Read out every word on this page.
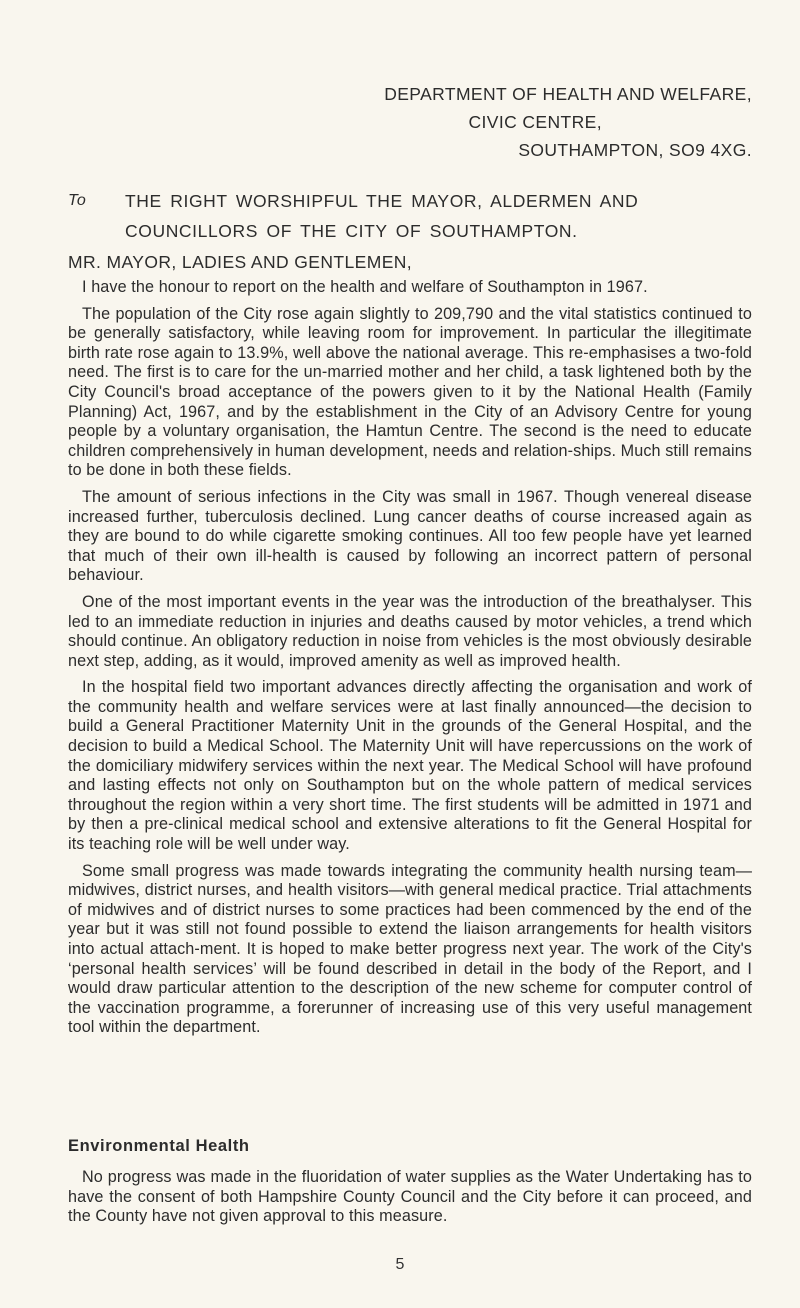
DEPARTMENT OF HEALTH AND WELFARE,
CIVIC CENTRE,
SOUTHAMPTON, SO9 4XG.
To	THE RIGHT WORSHIPFUL THE MAYOR, ALDERMEN AND COUNCILLORS OF THE CITY OF SOUTHAMPTON.
MR. MAYOR, LADIES AND GENTLEMEN,

I have the honour to report on the health and welfare of Southampton in 1967.

The population of the City rose again slightly to 209,790 and the vital statistics continued to be generally satisfactory, while leaving room for improvement. In particular the illegitimate birth rate rose again to 13.9%, well above the national average. This re-emphasises a two-fold need. The first is to care for the un-married mother and her child, a task lightened both by the City Council's broad acceptance of the powers given to it by the National Health (Family Planning) Act, 1967, and by the establishment in the City of an Advisory Centre for young people by a voluntary organisation, the Hamtun Centre. The second is the need to educate children comprehensively in human development, needs and relation-ships. Much still remains to be done in both these fields.

The amount of serious infections in the City was small in 1967. Though venereal disease increased further, tuberculosis declined. Lung cancer deaths of course increased again as they are bound to do while cigarette smoking continues. All too few people have yet learned that much of their own ill-health is caused by following an incorrect pattern of personal behaviour.

One of the most important events in the year was the introduction of the breathalyser. This led to an immediate reduction in injuries and deaths caused by motor vehicles, a trend which should continue. An obligatory reduction in noise from vehicles is the most obviously desirable next step, adding, as it would, improved amenity as well as improved health.

In the hospital field two important advances directly affecting the organisation and work of the community health and welfare services were at last finally announced—the decision to build a General Practitioner Maternity Unit in the grounds of the General Hospital, and the decision to build a Medical School. The Maternity Unit will have repercussions on the work of the domiciliary midwifery services within the next year. The Medical School will have profound and lasting effects not only on Southampton but on the whole pattern of medical services throughout the region within a very short time. The first students will be admitted in 1971 and by then a pre-clinical medical school and extensive alterations to fit the General Hospital for its teaching role will be well under way.

Some small progress was made towards integrating the community health nursing team—midwives, district nurses, and health visitors—with general medical practice. Trial attachments of midwives and of district nurses to some practices had been commenced by the end of the year but it was still not found possible to extend the liaison arrangements for health visitors into actual attach-ment. It is hoped to make better progress next year. The work of the City's ‘personal health services’ will be found described in detail in the body of the Report, and I would draw particular attention to the description of the new scheme for computer control of the vaccination programme, a forerunner of increasing use of this very useful management tool within the department.

Environmental Health

No progress was made in the fluoridation of water supplies as the Water Undertaking has to have the consent of both Hampshire County Council and the City before it can proceed, and the County have not given approval to this measure.

5
